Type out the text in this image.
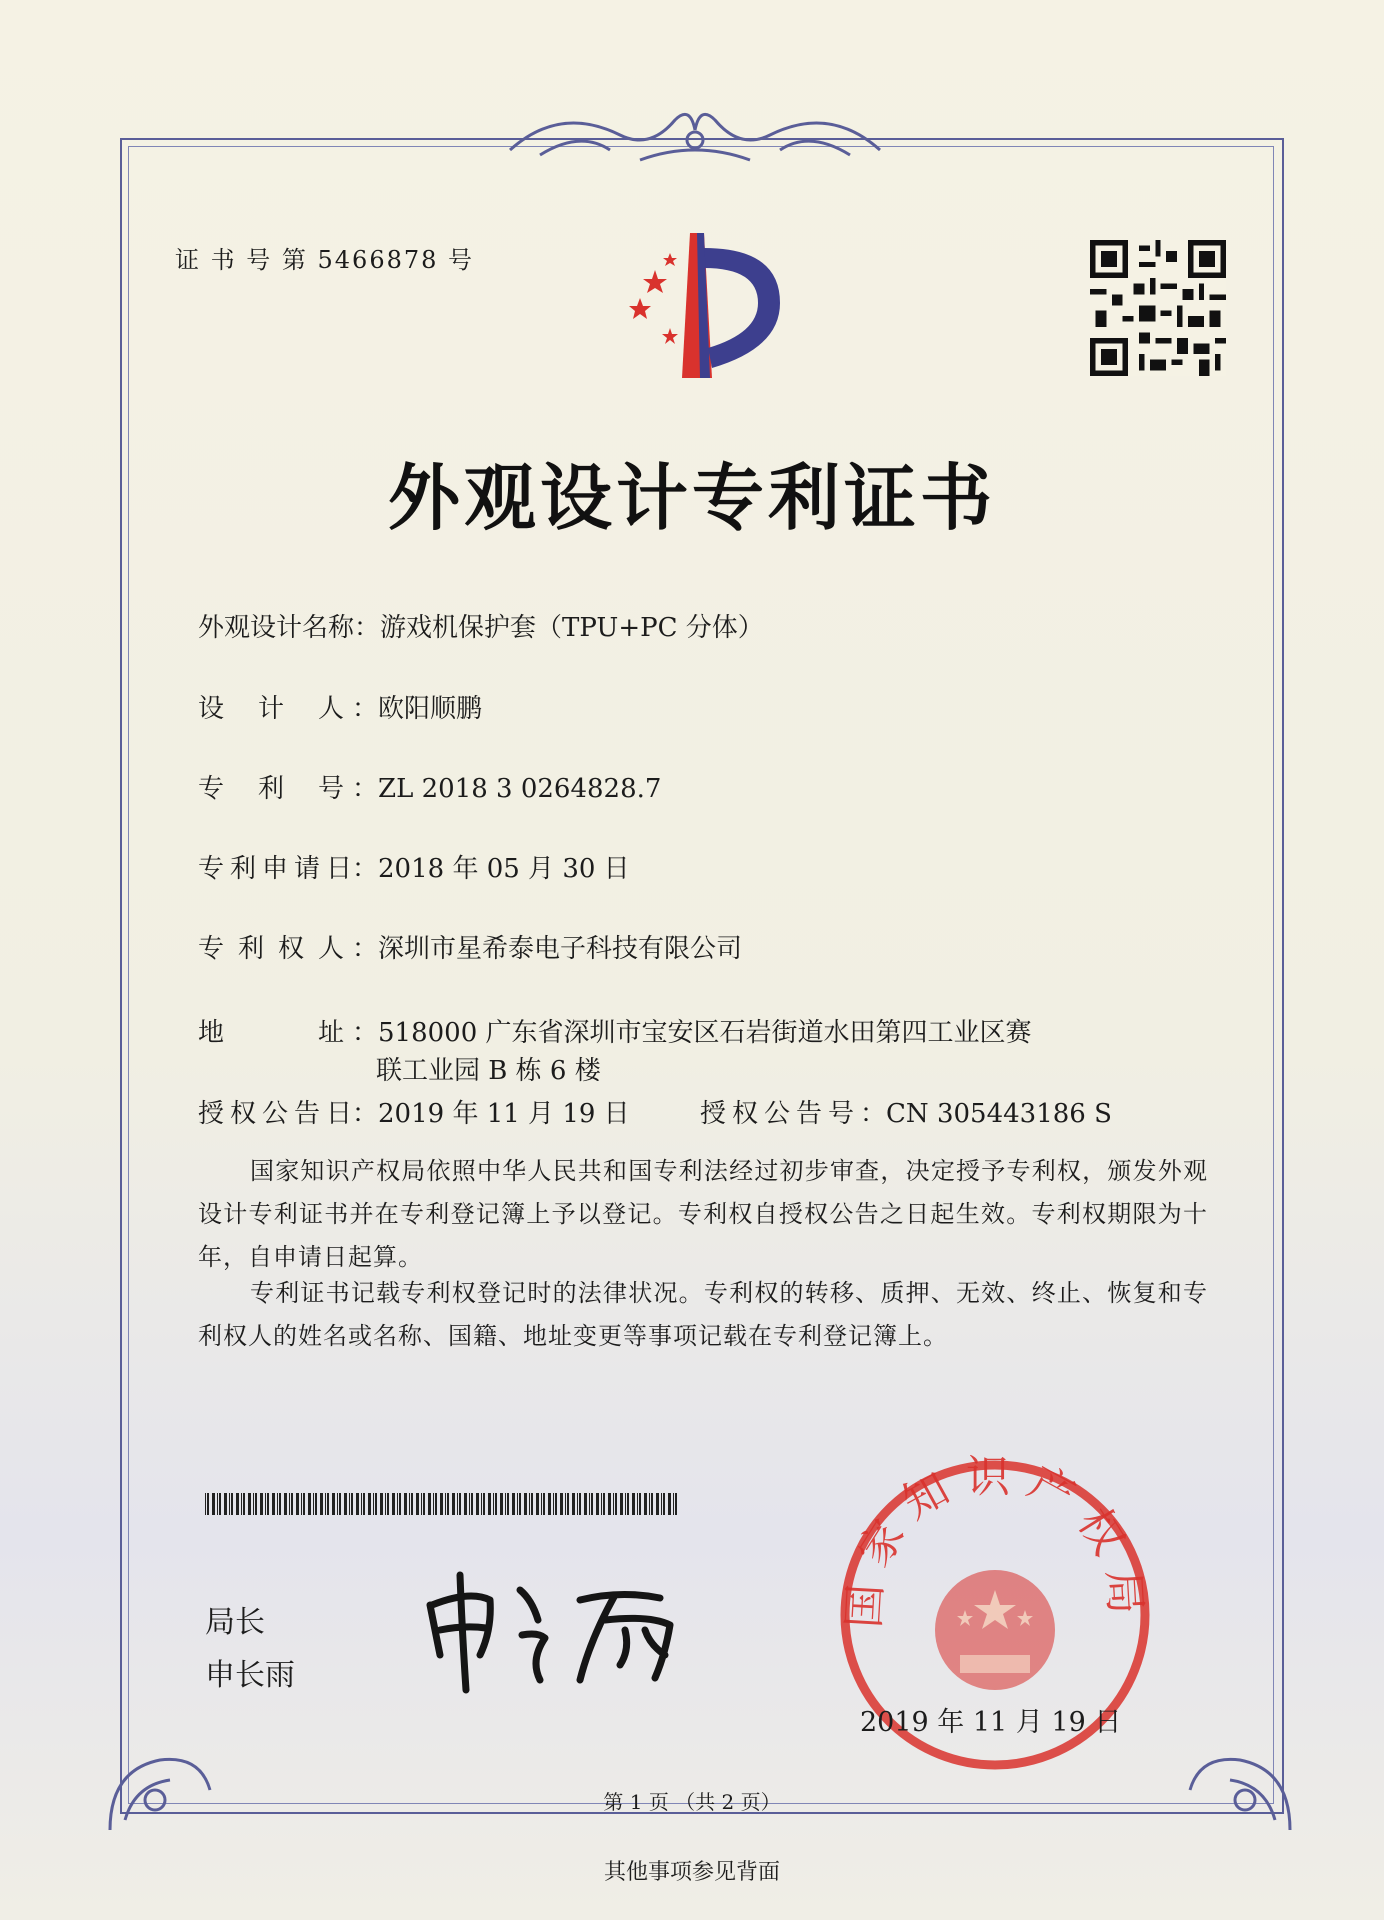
证 书 号 第 5466878 号
外观设计专利证书
外观设计名称：游戏机保护套（TPU+PC 分体）
设 计 人 ：欧阳顺鹏
专 利 号 ：ZL 2018 3 0264828.7
专利申请日：2018 年 05 月 30 日
专 利 权 人 ：深圳市星希泰电子科技有限公司
地	址 ：518000 广东省深圳市宝安区石岩街道水田第四工业区赛
联工业园 B 栋 6 楼
授权公告日：2019 年 11 月 19 日	授权公告号：CN 305443186 S
国家知识产权局依照中华人民共和国专利法经过初步审查，决定授予专利权，颁发外观设计专利证书并在专利登记簿上予以登记。专利权自授权公告之日起生效。专利权期限为十年，自申请日起算。
专利证书记载专利权登记时的法律状况。专利权的转移、质押、无效、终止、恢复和专利权人的姓名或名称、国籍、地址变更等事项记载在专利登记簿上。
局长
申长雨
国家知识产权局
2019 年 11 月 19 日
第 1 页 （共 2 页）
其他事项参见背面
